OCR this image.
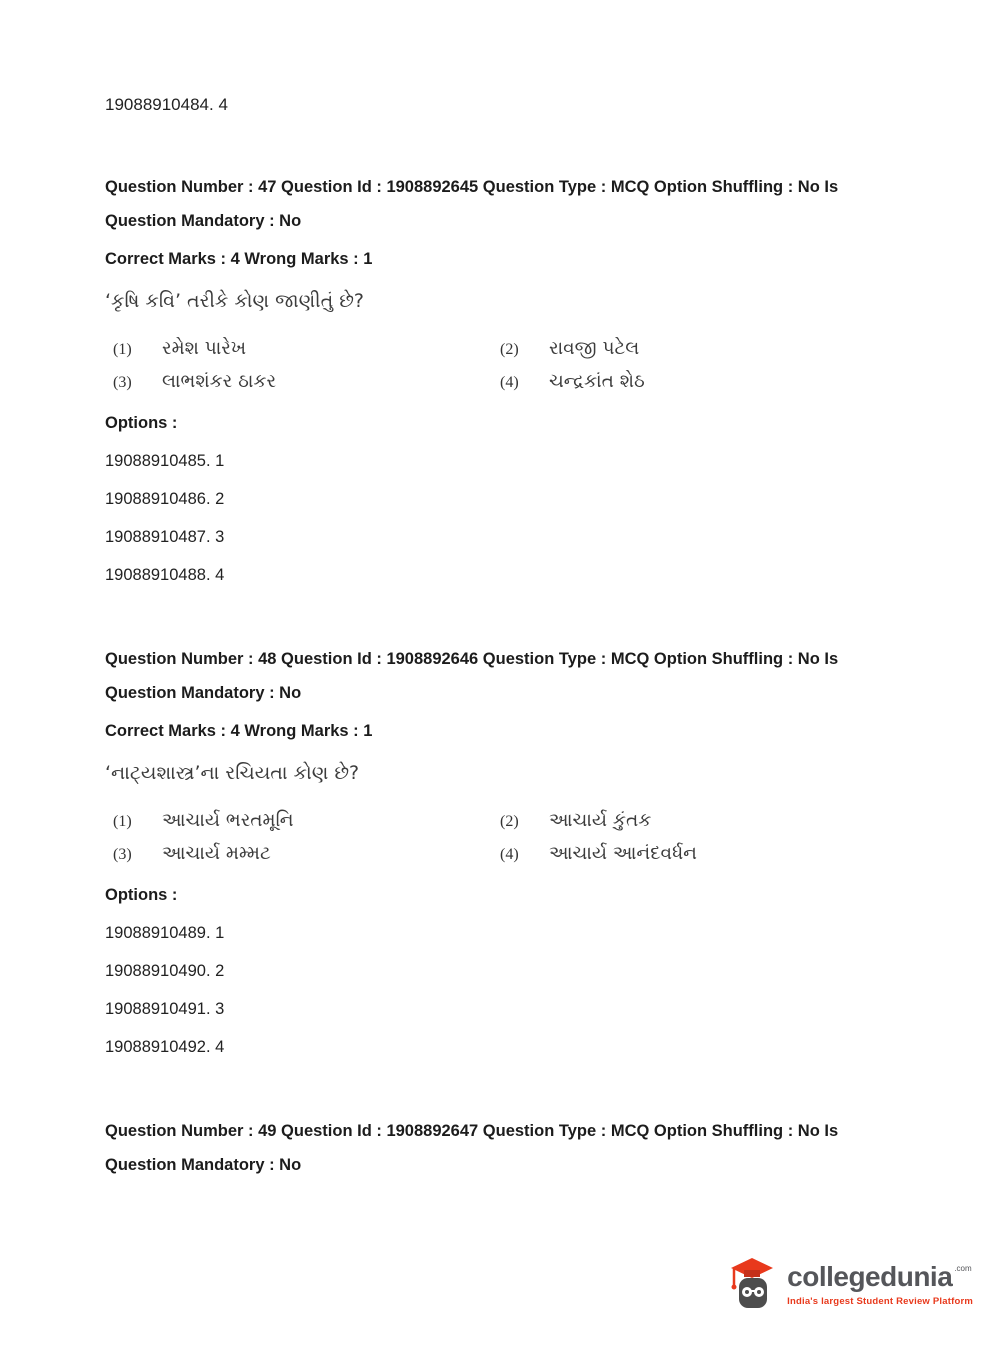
19088910484. 4

Question Number : 47 Question Id : 1908892645 Question Type : MCQ Option Shuffling : No Is

Question Mandatory : No

Correct Marks : 4 Wrong Marks : 1

‘કૃષિ કવિ’ તરીકે કોણ જાણીતું છે?

(1)	રમેશ પારેખ	(2)	રાવજી પટેલ
(3)	લાભશંકર ઠાકર	(4)	ચન્દ્રકાંત શેઠ

Options :

19088910485. 1

19088910486. 2

19088910487. 3

19088910488. 4

Question Number : 48 Question Id : 1908892646 Question Type : MCQ Option Shuffling : No Is

Question Mandatory : No

Correct Marks : 4 Wrong Marks : 1

‘નાટ્યશાસ્ત્ર’ના રચિયતા કોણ છે?

(1)	આચાર્ય ભરતમૂનિ	(2)	આચાર્ય કુંતક
(3)	આચાર્ય મમ્મટ	(4)	આચાર્ય આનંદવર્ધન

Options :

19088910489. 1

19088910490. 2

19088910491. 3

19088910492. 4

Question Number : 49 Question Id : 1908892647 Question Type : MCQ Option Shuffling : No Is

Question Mandatory : No

collegedunia .com
India's largest Student Review Platform
